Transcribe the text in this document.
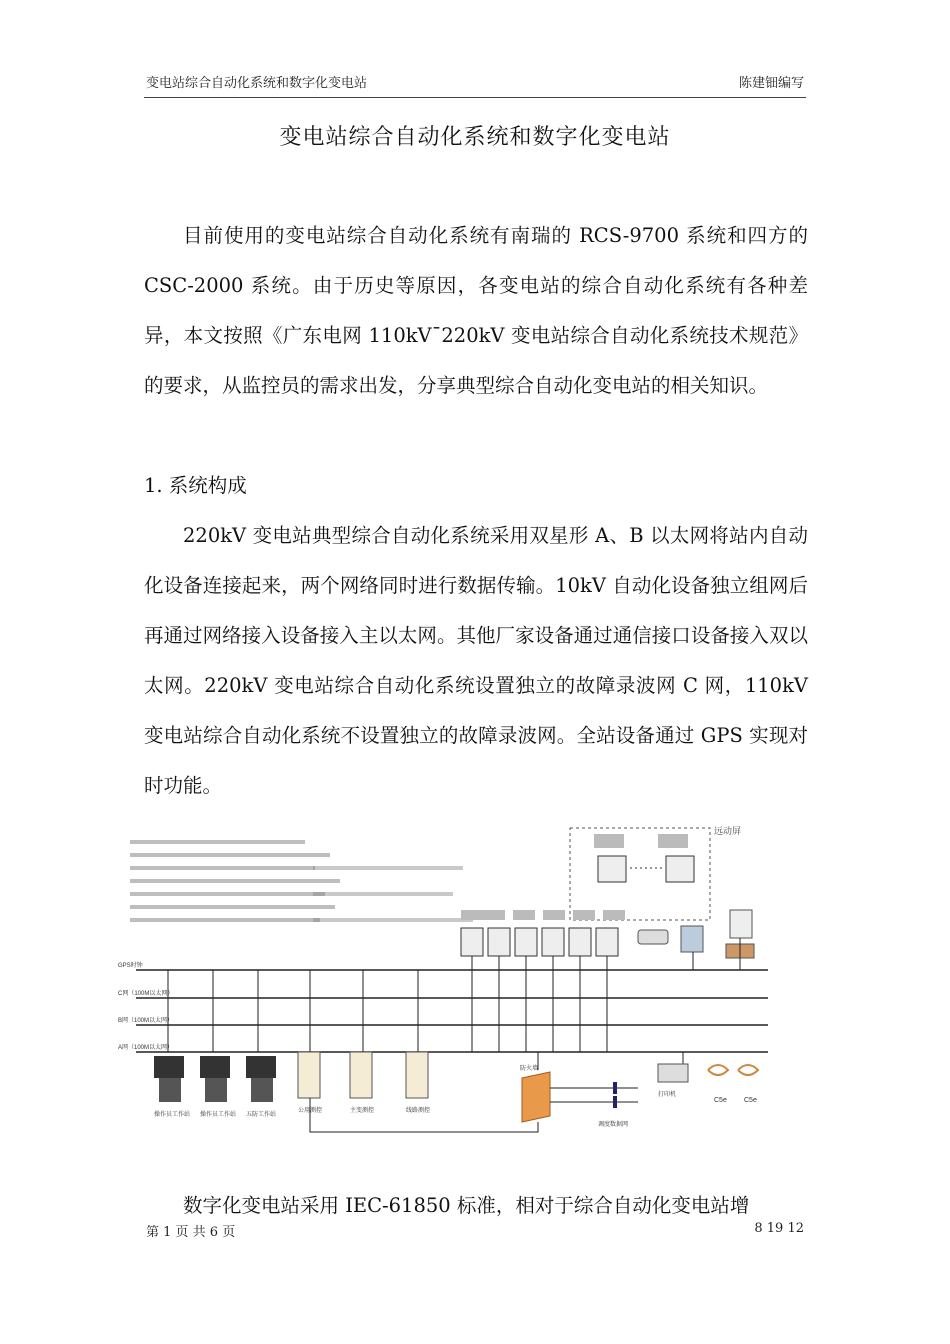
变电站综合自动化系统和数字化变电站	陈建钿编写
变电站综合自动化系统和数字化变电站
目前使用的变电站综合自动化系统有南瑞的 RCS-9700 系统和四方的 CSC-2000 系统。由于历史等原因，各变电站的综合自动化系统有各种差异，本文按照《广东电网 110kV¯220kV 变电站综合自动化系统技术规范》的要求，从监控员的需求出发，分享典型综合自动化变电站的相关知识。
1. 系统构成
220kV 变电站典型综合自动化系统采用双星形 A、B 以太网将站内自动化设备连接起来，两个网络同时进行数据传输。10kV 自动化设备独立组网后再通过网络接入设备接入主以太网。其他厂家设备通过通信接口设备接入双以太网。220kV 变电站综合自动化系统设置独立的故障录波网 C 网，110kV 变电站综合自动化系统不设置独立的故障录波网。全站设备通过 GPS 实现对时功能。
远动屏
GPS时钟
C网（100M以太网）
B网（100M以太网）
A网（100M以太网）
操作员工作站 操作员工作站 五防工作站
公用测控	主变测控	线路测控
防火墙
调度数据网
打印机
C5e C5e
数字化变电站采用 IEC-61850 标准，相对于综合自动化变电站增
第 1 页 共 6 页	8 19 12
